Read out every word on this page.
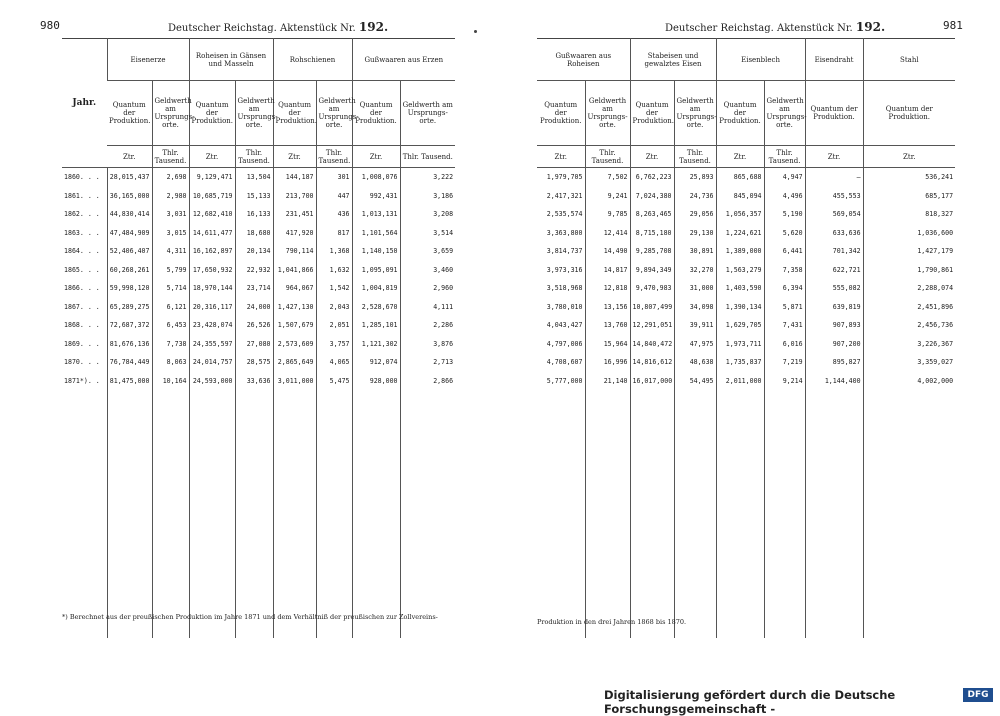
980	Deutscher Reichstag. Aktenstück Nr. 192.
Jahr.	Eisenerze		Roheisen in Gänsen und Masseln		Rohschienen		Gußwaaren aus Erzen	
	Quantum der Produktion.	Geldwerth am Ursprungs-orte.	Quantum der Produktion.	Geldwerth am Ursprungs-orte.	Quantum der Produktion.	Geldwerth am Ursprungs-orte.	Quantum der Produktion.	Geldwerth am Ursprungs-orte.
	Ztr.	Thlr. Tausend.	Ztr.	Thlr. Tausend.	Ztr.	Thlr. Tausend.	Ztr.	Thlr. Tausend.
1860. . .	28,015,437	2,698	9,129,471	13,504	144,187	301	1,008,076	3,222
1861. . .	36,165,000	2,980	10,685,719	15,133	213,700	447	992,431	3,186
1862. . .	44,830,414	3,031	12,682,410	16,133	231,451	436	1,013,131	3,208
1863. . .	47,484,909	3,015	14,611,477	18,680	417,920	817	1,101,564	3,514
1864. . .	52,406,407	4,311	16,162,897	20,134	790,114	1,368	1,140,150	3,659
1865. . .	60,268,261	5,799	17,650,932	22,932	1,041,866	1,632	1,095,091	3,460
1866. . .	59,998,120	5,714	18,970,144	23,714	964,067	1,542	1,004,819	2,960
1867. . .	65,289,275	6,121	20,316,117	24,000	1,427,130	2,043	2,528,670	4,111
1868. . .	72,687,372	6,453	23,428,074	26,526	1,507,679	2,051	1,285,101	2,286
1869. . .	81,676,136	7,738	24,355,597	27,080	2,573,609	3,757	1,121,302	3,876
1870. . .	76,784,449	8,063	24,014,757	28,575	2,865,649	4,065	912,074	2,713
1871*). .	81,475,000	10,164	24,593,000	33,636	3,011,000	5,475	928,000	2,866

*) Berechnet aus der preußischen Produktion im Jahre 1871 und dem Verhältniß der preußischen zur Zollvereins-
Deutscher Reichstag. Aktenstück Nr. 192.	981
Gußwaaren aus Roheisen		Stabeisen und gewalztes Eisen		Eisenblech		Eisendraht	Stahl
Quantum der Produktion.	Geldwerth am Ursprungs-orte.	Quantum der Produktion.	Geldwerth am Ursprungs-orte.	Quantum der Produktion.	Geldwerth am Ursprungs-orte.	Quantum der Produktion.	Quantum der Produktion.
Ztr.	Thlr. Tausend.	Ztr.	Thlr. Tausend.	Ztr.	Thlr. Tausend.	Ztr.	Ztr.
1,979,705	7,502	6,762,223	25,893	865,688	4,947	–	536,241
2,417,321	9,241	7,024,380	24,736	845,094	4,496	455,553	685,177
2,535,574	9,785	8,263,465	29,056	1,056,357	5,190	569,054	818,327
3,363,800	12,414	8,715,180	29,130	1,224,621	5,620	633,636	1,036,600
3,814,737	14,490	9,285,708	30,891	1,389,000	6,441	701,342	1,427,179
3,973,316	14,817	9,894,349	32,270	1,563,279	7,358	622,721	1,790,861
3,518,968	12,818	9,470,983	31,000	1,403,590	6,394	555,082	2,288,074
3,780,010	13,156	10,807,499	34,098	1,390,134	5,871	639,819	2,451,896
4,043,427	13,760	12,291,051	39,911	1,629,705	7,431	907,893	2,456,736
4,797,006	15,964	14,840,472	47,975	1,973,711	6,016	907,200	3,226,367
4,708,607	16,996	14,816,612	48,638	1,735,837	7,219	895,827	3,359,027
5,777,000	21,140	16,017,000	54,495	2,011,000	9,214	1,144,400	4,002,000

Produktion in den drei Jahren 1868 bis 1870.
Digitalisierung gefördert durch die Deutsche Forschungsgemeinschaft -
DFG
